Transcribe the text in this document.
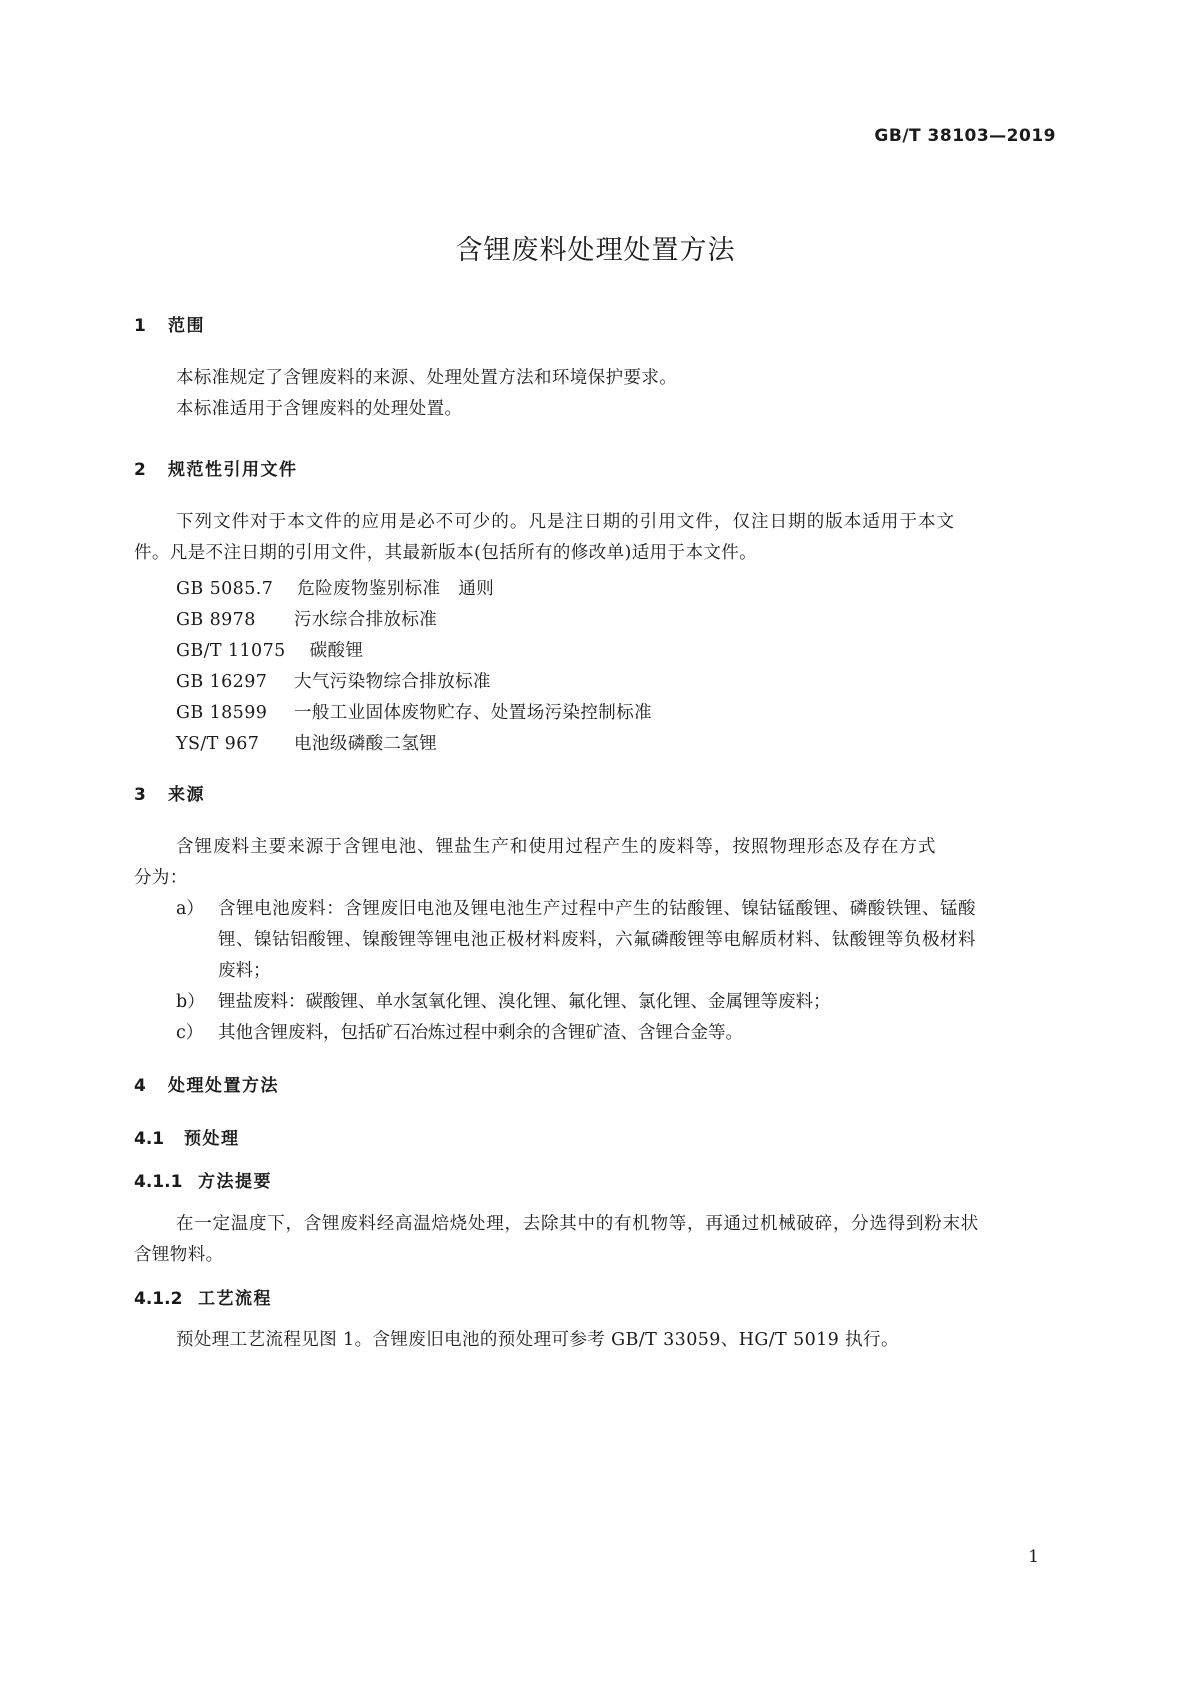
GB/T 38103—2019
含锂废料处理处置方法
1 范围
本标准规定了含锂废料的来源、处理处置方法和环境保护要求。
本标准适用于含锂废料的处理处置。
2 规范性引用文件
下列文件对于本文件的应用是必不可少的。凡是注日期的引用文件，仅注日期的版本适用于本文
件。凡是不注日期的引用文件，其最新版本(包括所有的修改单)适用于本文件。
GB 5085.7 危险废物鉴别标准　通则
GB 8978 污水综合排放标准
GB/T 11075 碳酸锂
GB 16297 大气污染物综合排放标准
GB 18599 一般工业固体废物贮存、处置场污染控制标准
YS/T 967 电池级磷酸二氢锂
3 来源
含锂废料主要来源于含锂电池、锂盐生产和使用过程产生的废料等，按照物理形态及存在方式
分为：
a） 含锂电池废料：含锂废旧电池及锂电池生产过程中产生的钴酸锂、镍钴锰酸锂、磷酸铁锂、锰酸
锂、镍钴铝酸锂、镍酸锂等锂电池正极材料废料，六氟磷酸锂等电解质材料、钛酸锂等负极材料
废料；
b） 锂盐废料：碳酸锂、单水氢氧化锂、溴化锂、氟化锂、氯化锂、金属锂等废料；
c） 其他含锂废料，包括矿石冶炼过程中剩余的含锂矿渣、含锂合金等。
4 处理处置方法
4.1 预处理
4.1.1 方法提要
在一定温度下，含锂废料经高温焙烧处理，去除其中的有机物等，再通过机械破碎，分选得到粉末状
含锂物料。
4.1.2 工艺流程
预处理工艺流程见图 1。含锂废旧电池的预处理可参考 GB/T 33059、HG/T 5019 执行。
1
